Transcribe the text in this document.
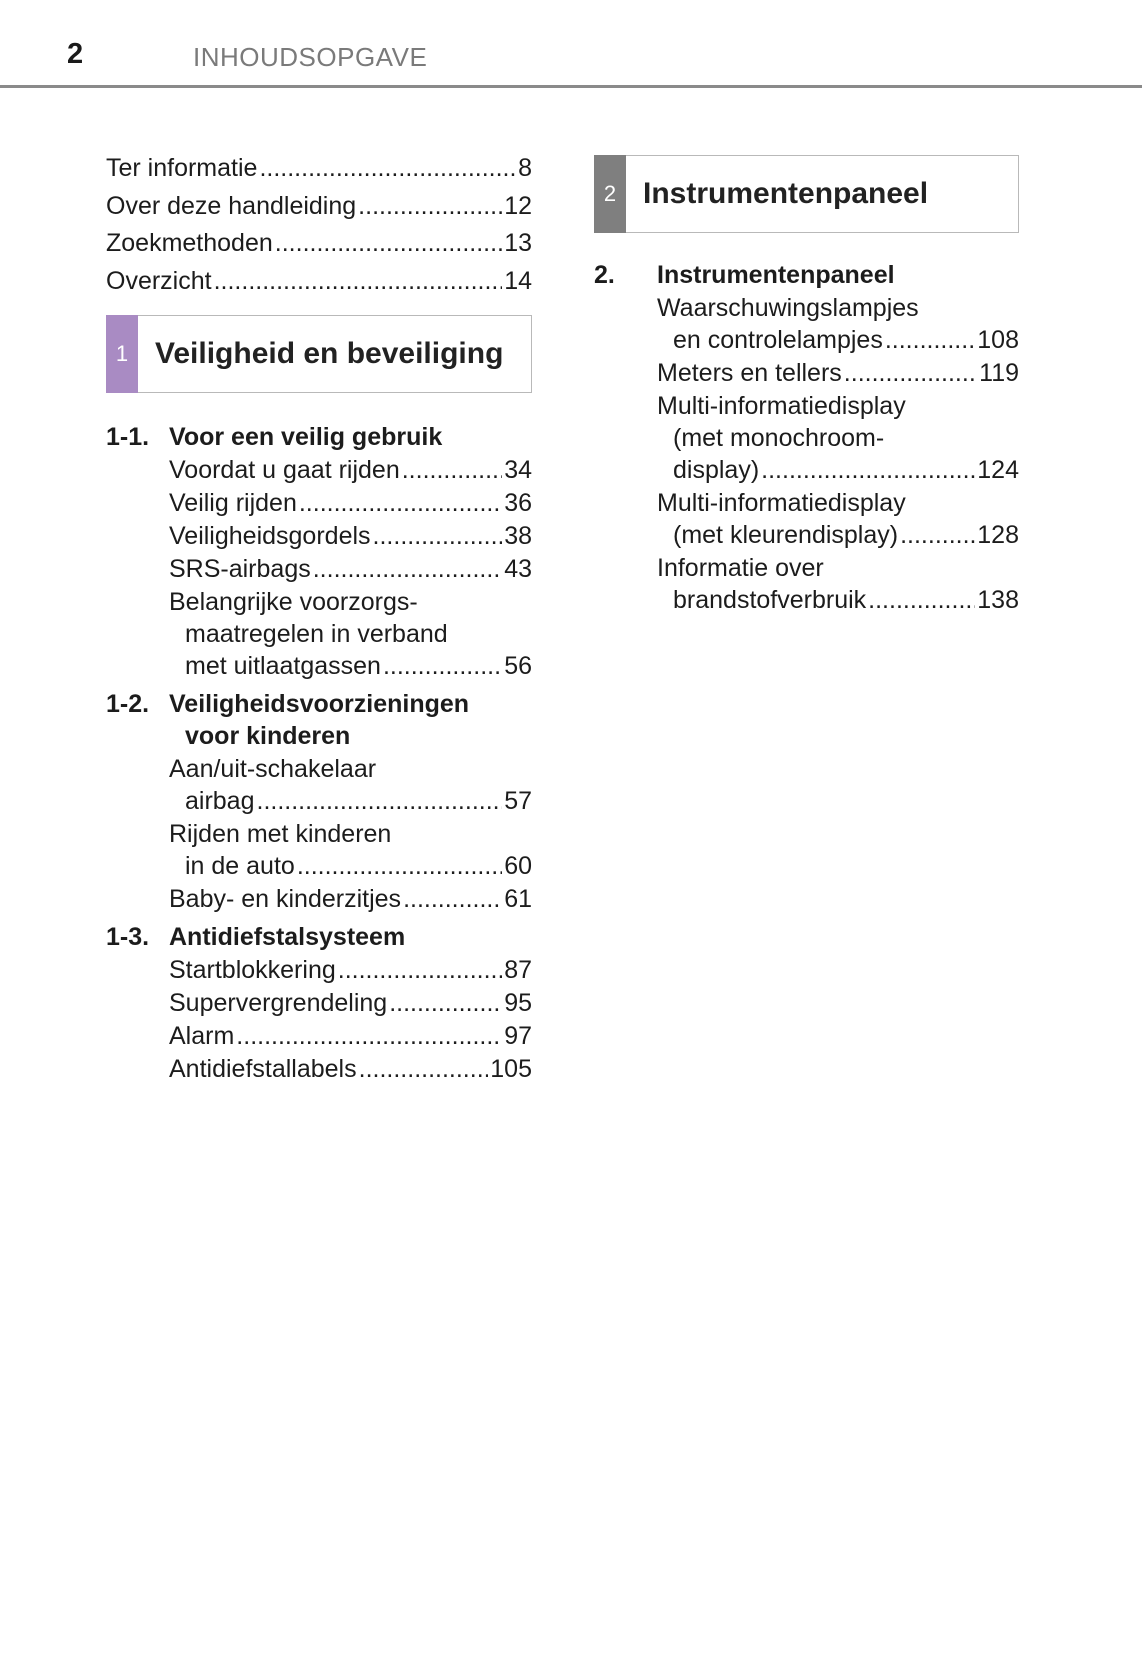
2	INHOUDSOPGAVE
Ter informatie .....	8
Over deze handleiding .....	12
Zoekmethoden .....	13
Overzicht .....	14
1 Veiligheid en beveiliging
1-1. Voor een veilig gebruik
Voordat u gaat rijden .....	34
Veilig rijden .....	36
Veiligheidsgordels .....	38
SRS-airbags .....	43
Belangrijke voorzorgs-
maatregelen in verband
met uitlaatgassen .....	56
1-2. Veiligheidsvoorzieningen
voor kinderen
Aan/uit-schakelaar
airbag .....	57
Rijden met kinderen
in de auto .....	60
Baby- en kinderzitjes .....	61
1-3. Antidiefstalsysteem
Startblokkering .....	87
Supervergrendeling .....	95
Alarm .....	97
Antidiefstallabels .....	105
2 Instrumentenpaneel
2.	Instrumentenpaneel
Waarschuwingslampjes
en controlelampjes .....	108
Meters en tellers .....	119
Multi-informatiedisplay
(met monochroom-
display) .....	124
Multi-informatiedisplay
(met kleurendisplay) .....	128
Informatie over
brandstofverbruik .....	138
